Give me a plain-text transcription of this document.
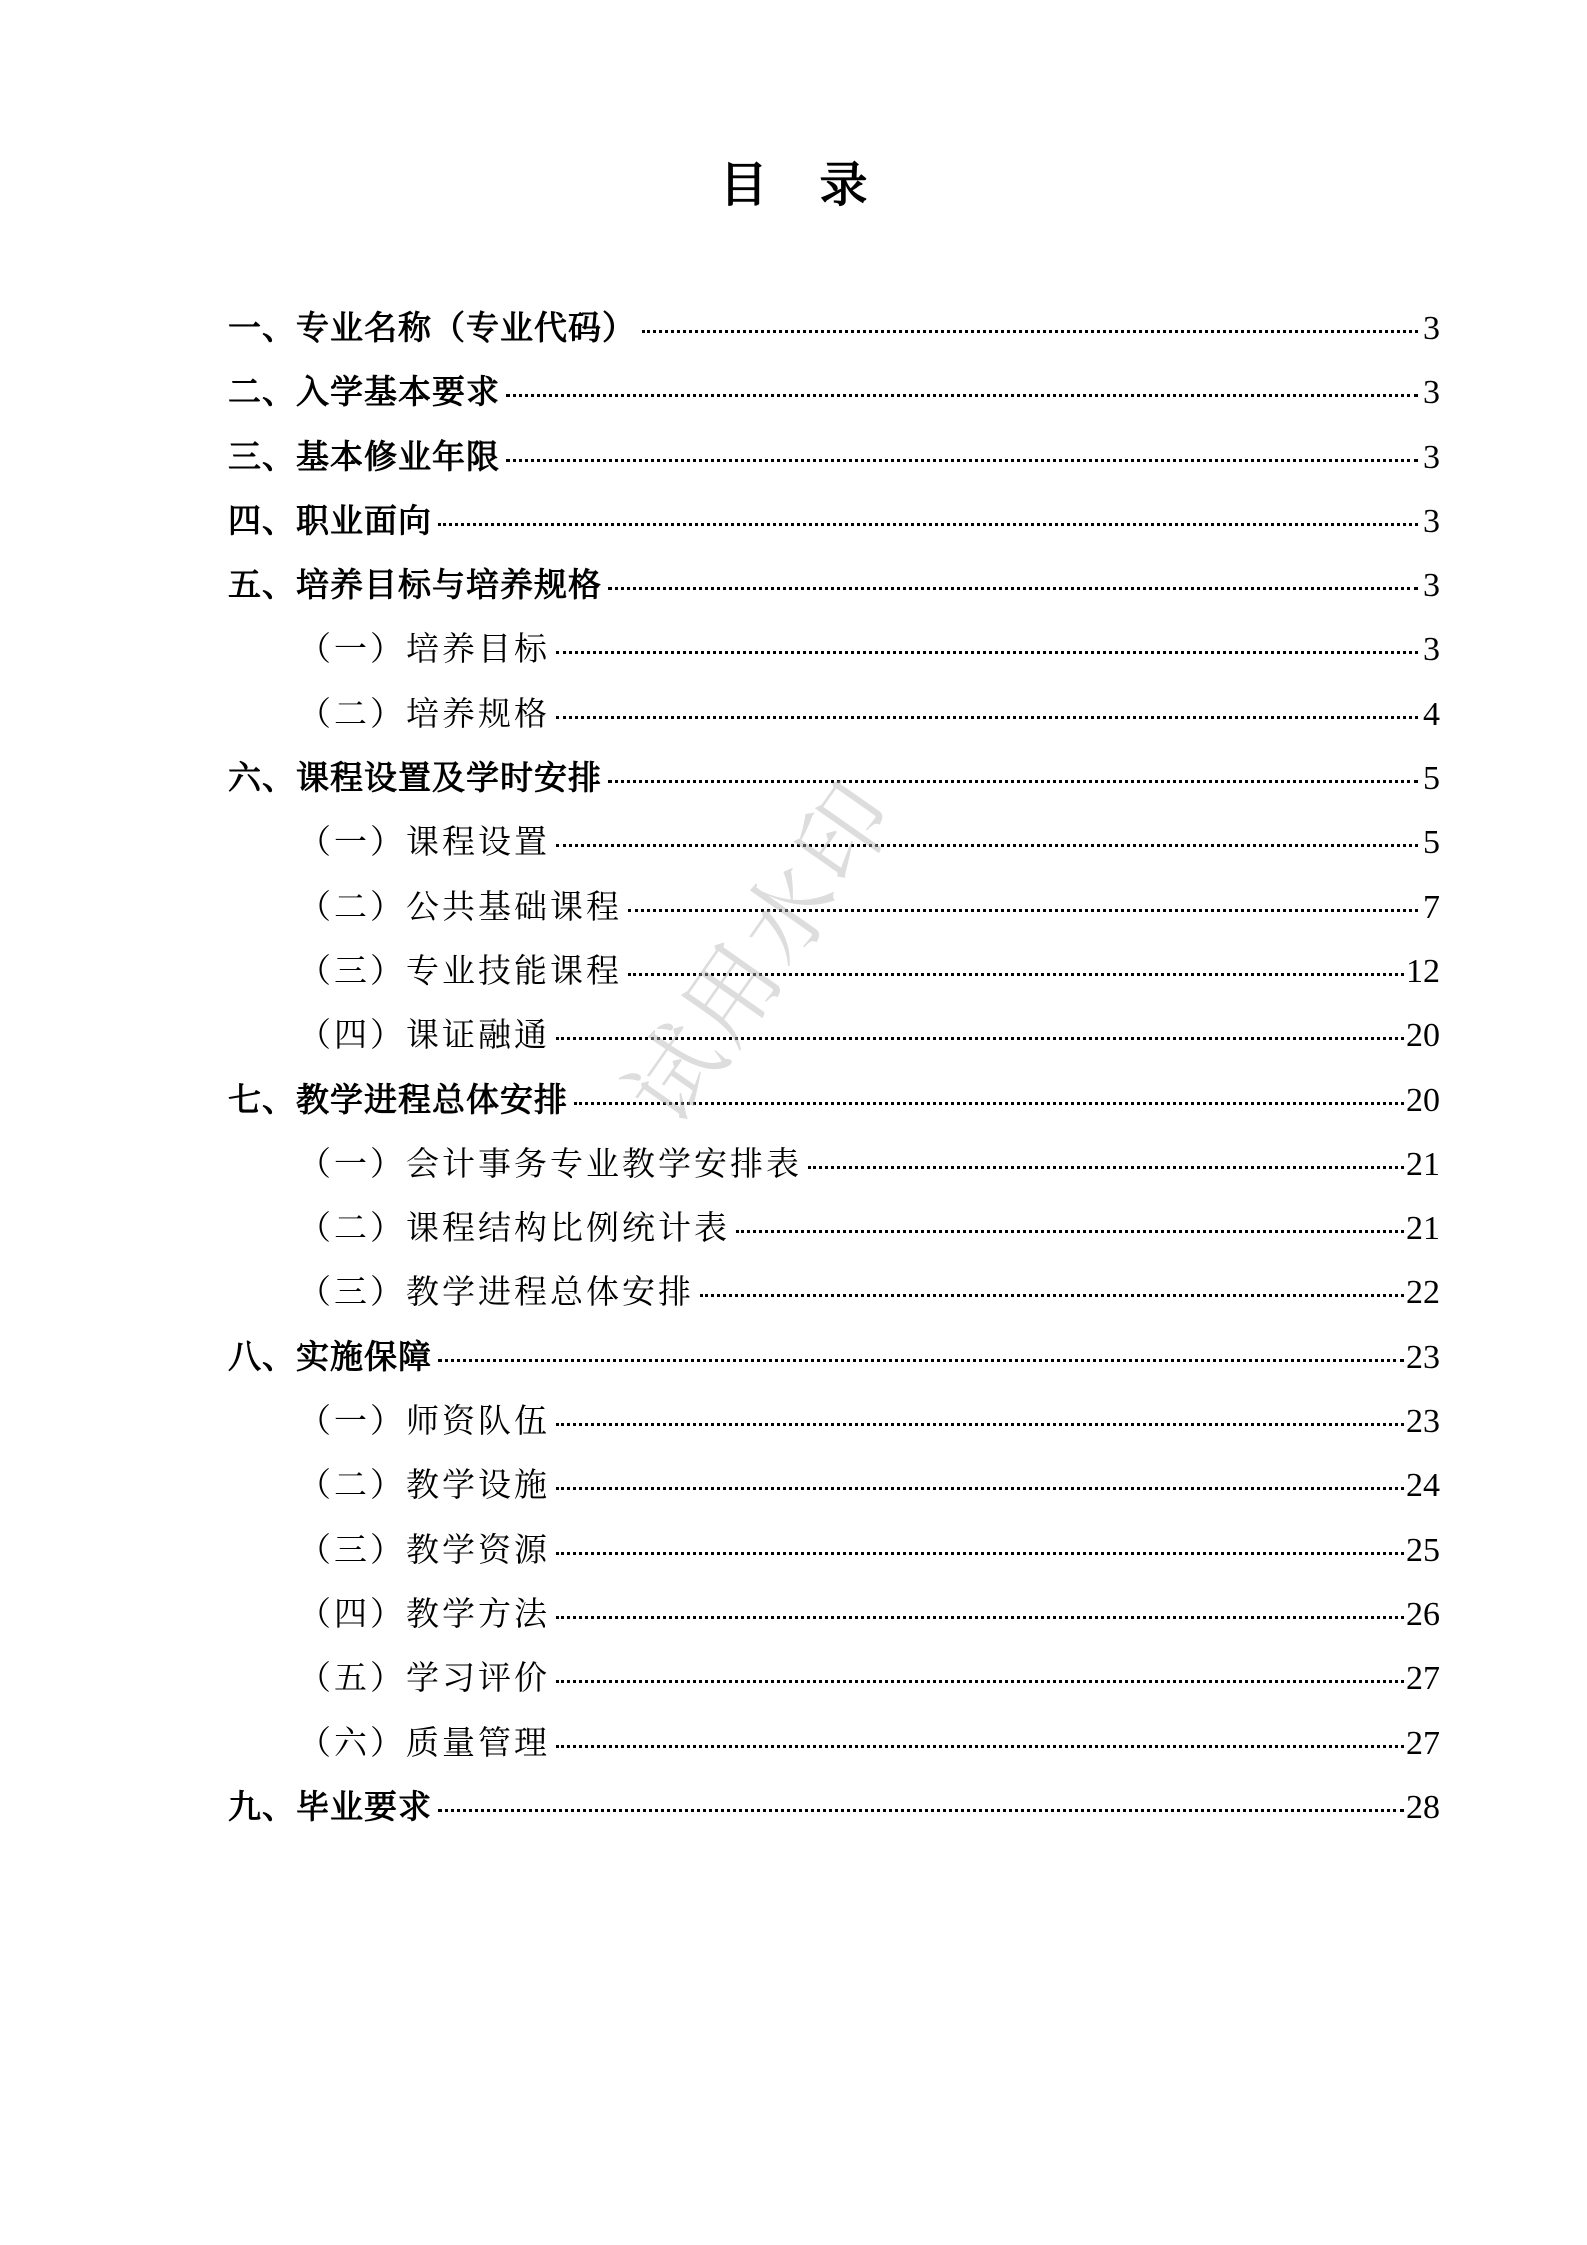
目录
一、专业名称（专业代码）	3
二、入学基本要求	3
三、基本修业年限	3
四、职业面向	3
五、培养目标与培养规格	3
（一）培养目标	3
（二）培养规格	4
六、课程设置及学时安排	5
（一）课程设置	5
（二）公共基础课程	7
（三）专业技能课程	12
（四）课证融通	20
七、教学进程总体安排	20
（一）会计事务专业教学安排表	21
（二）课程结构比例统计表	21
（三）教学进程总体安排	22
八、实施保障	23
（一）师资队伍	23
（二）教学设施	24
（三）教学资源	25
（四）教学方法	26
（五）学习评价	27
（六）质量管理	27
九、毕业要求	28
试用水印
